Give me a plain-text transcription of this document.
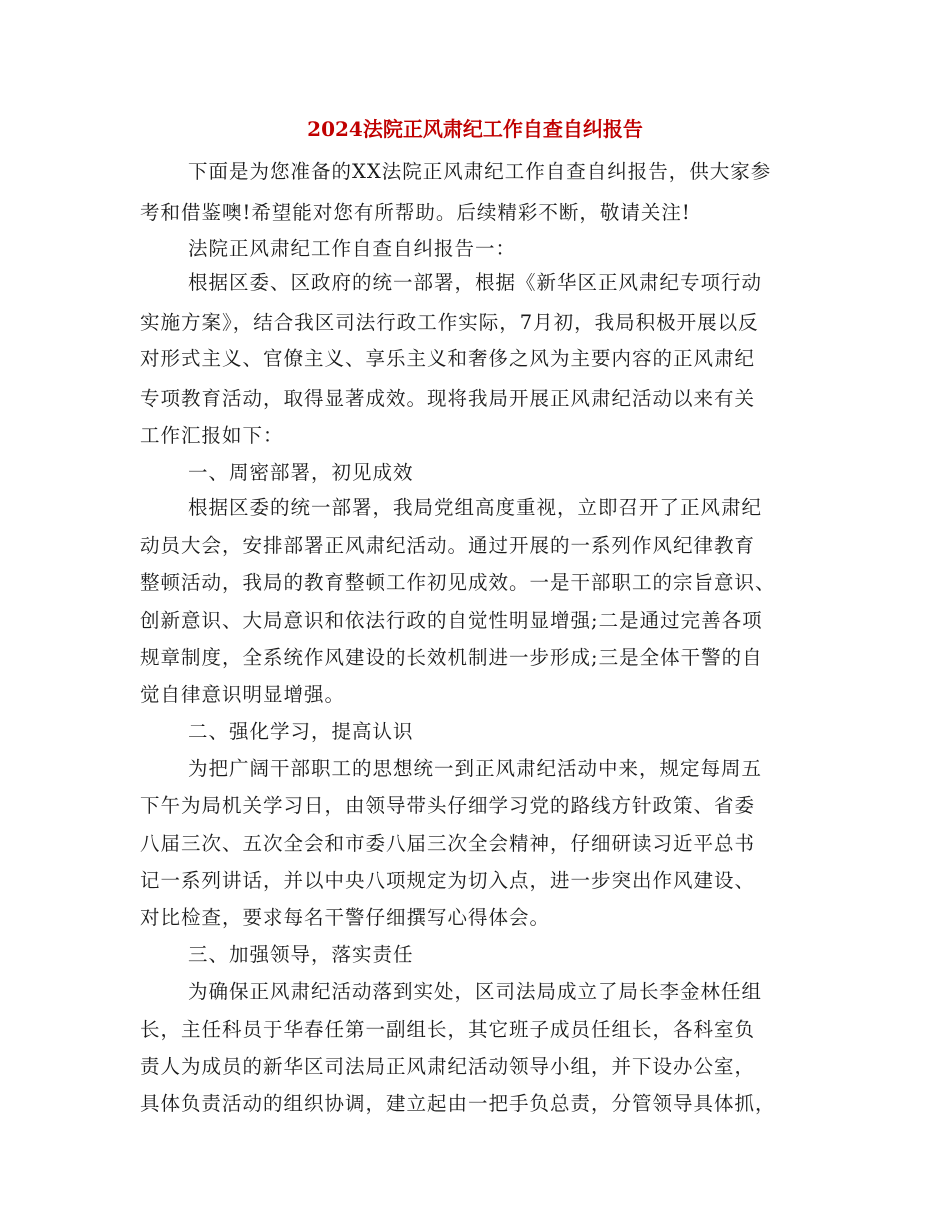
2024法院正风肃纪工作自查自纠报告
下面是为您准备的XX法院正风肃纪工作自查自纠报告，供大家参
考和借鉴噢!希望能对您有所帮助。后续精彩不断，敬请关注!
法院正风肃纪工作自查自纠报告一：
根据区委、区政府的统一部署，根据《新华区正风肃纪专项行动
实施方案》，结合我区司法行政工作实际，7月初，我局积极开展以反
对形式主义、官僚主义、享乐主义和奢侈之风为主要内容的正风肃纪
专项教育活动，取得显著成效。现将我局开展正风肃纪活动以来有关
工作汇报如下：
一、周密部署，初见成效
根据区委的统一部署，我局党组高度重视，立即召开了正风肃纪
动员大会，安排部署正风肃纪活动。通过开展的一系列作风纪律教育
整顿活动，我局的教育整顿工作初见成效。一是干部职工的宗旨意识、
创新意识、大局意识和依法行政的自觉性明显增强;二是通过完善各项
规章制度，全系统作风建设的长效机制进一步形成;三是全体干警的自
觉自律意识明显增强。
二、强化学习，提高认识
为把广阔干部职工的思想统一到正风肃纪活动中来，规定每周五
下午为局机关学习日，由领导带头仔细学习党的路线方针政策、省委
八届三次、五次全会和市委八届三次全会精神，仔细研读习近平总书
记一系列讲话，并以中央八项规定为切入点，进一步突出作风建设、
对比检查，要求每名干警仔细撰写心得体会。
三、加强领导，落实责任
为确保正风肃纪活动落到实处，区司法局成立了局长李金林任组
长，主任科员于华春任第一副组长，其它班子成员任组长，各科室负
责人为成员的新华区司法局正风肃纪活动领导小组，并下设办公室，
具体负责活动的组织协调，建立起由一把手负总责，分管领导具体抓，
